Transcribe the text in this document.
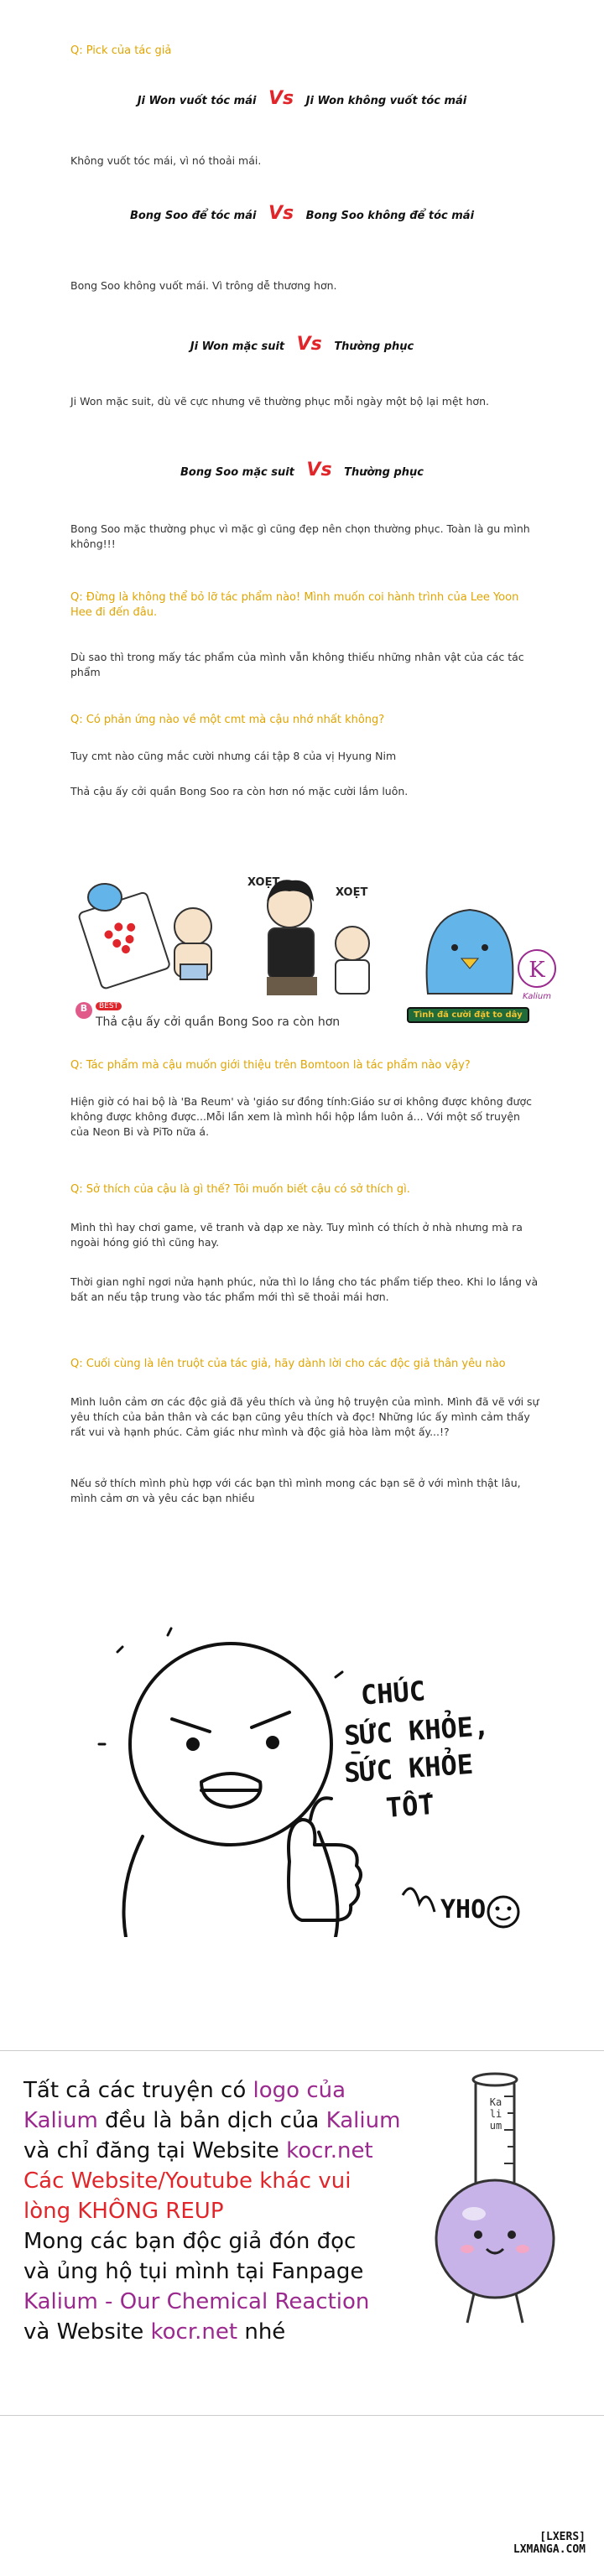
Q: Pick của tác giả
Ji Won vuốt tóc mái Vs Ji Won không vuốt tóc mái
Không vuốt tóc mái, vì nó thoải mái.
Bong Soo để tóc mái Vs Bong Soo không để tóc mái
Bong Soo không vuốt mái. Vì trông dễ thương hơn.
Ji Won mặc suit Vs Thường phục
Ji Won mặc suit, dù vẽ cực nhưng vẽ thường phục mỗi ngày một bộ lại mệt hơn.
Bong Soo mặc suit Vs Thường phục
Bong Soo mặc thường phục vì mặc gì cũng đẹp nên chọn thường phục. Toàn là gu mình không!!!
Q: Đừng là không thể bỏ lỡ tác phẩm nào! Mình muốn coi hành trình của Lee Yoon Hee đi đến đâu.
Dù sao thì trong mấy tác phẩm của mình vẫn không thiếu những nhân vật của các tác phẩm
Q: Có phản ứng nào về một cmt mà cậu nhớ nhất không?
Tuy cmt nào cũng mắc cười nhưng cái tập 8 của vị Hyung Nim
Thả cậu ấy cởi quần Bong Soo ra còn hơn nó mặc cười lắm luôn.
K
XOẸT
XOẸT
B	BEST
Thả cậu ấy cởi quần Bong Soo ra còn hơn
Tình đã cười đặt to dây
Kalium
Q: Tác phẩm mà cậu muốn giới thiệu trên Bomtoon là tác phẩm nào vậy?
Hiện giờ có hai bộ là 'Ba Reum' và 'giáo sư đồng tính:Giáo sư ơi không được không được không được không được...Mỗi lần xem là mình hồi hộp lắm luôn á... Với một số truyện của Neon Bi và PiTo nữa á.
Q: Sở thích của cậu là gì thế? Tôi muốn biết cậu có sở thích gì.
Mình thì hay chơi game, vẽ tranh và dạp xe này. Tuy mình có thích ở nhà nhưng mà ra ngoài hóng gió thì cũng hay.
Thời gian nghỉ ngơi nửa hạnh phúc, nửa thì lo lắng cho tác phẩm tiếp theo. Khi lo lắng và bất an nếu tập trung vào tác phẩm mới thì sẽ thoải mái hơn.
Q: Cuối cùng là lên truột của tác giả, hãy dành lời cho các độc giả thân yêu nào
Mình luôn cảm ơn các độc giả đã yêu thích và ủng hộ truyện của mình. Mình đã vẽ với sự yêu thích của bản thân và các bạn cũng yêu thích và đọc! Những lúc ấy mình cảm thấy rất vui và hạnh phúc. Cảm giác như mình và độc giả hòa làm một ấy...!?
Nếu sở thích mình phù hợp với các bạn thì mình mong các bạn sẽ ở với mình thật lâu, mình cảm ơn và yêu các bạn nhiều
CHÚC
SỨC KHỎE,
SỨC KHỎE
TỐT
YHO
Tất cả các truyện có logo của
Kalium đều là bản dịch của Kalium
và chỉ đăng tại Website kocr.net
Các Website/Youtube khác vui
lòng KHÔNG REUP
Mong các bạn độc giả đón đọc
và ủng hộ tụi mình tại Fanpage
Kalium - Our Chemical Reaction
và Website kocr.net nhé
Kalium
[LXERS]
LXMANGA.COM
